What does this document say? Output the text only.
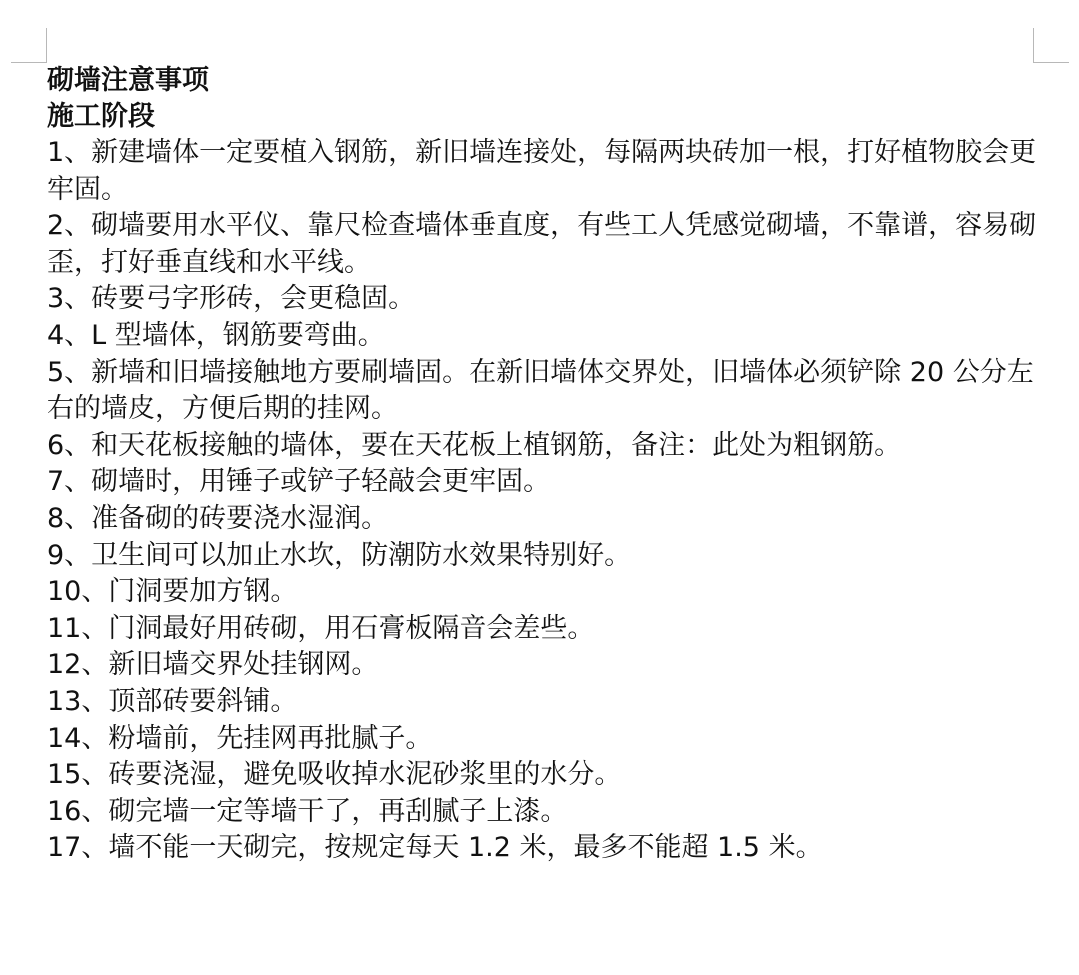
砌墙注意事项
施工阶段
1、新建墙体一定要植入钢筋，新旧墙连接处，每隔两块砖加一根，打好植物胶会更牢固。
2、砌墙要用水平仪、靠尺检查墙体垂直度，有些工人凭感觉砌墙，不靠谱，容易砌歪，打好垂直线和水平线。
3、砖要弓字形砖，会更稳固。
4、L 型墙体，钢筋要弯曲。
5、新墙和旧墙接触地方要刷墙固。在新旧墙体交界处，旧墙体必须铲除 20 公分左右的墙皮，方便后期的挂网。
6、和天花板接触的墙体，要在天花板上植钢筋，备注：此处为粗钢筋。
7、砌墙时，用锤子或铲子轻敲会更牢固。
8、准备砌的砖要浇水湿润。
9、卫生间可以加止水坎，防潮防水效果特别好。
10、门洞要加方钢。
11、门洞最好用砖砌，用石膏板隔音会差些。
12、新旧墙交界处挂钢网。
13、顶部砖要斜铺。
14、粉墙前，先挂网再批腻子。
15、砖要浇湿，避免吸收掉水泥砂浆里的水分。
16、砌完墙一定等墙干了，再刮腻子上漆。
17、墙不能一天砌完，按规定每天 1.2 米，最多不能超 1.5 米。
